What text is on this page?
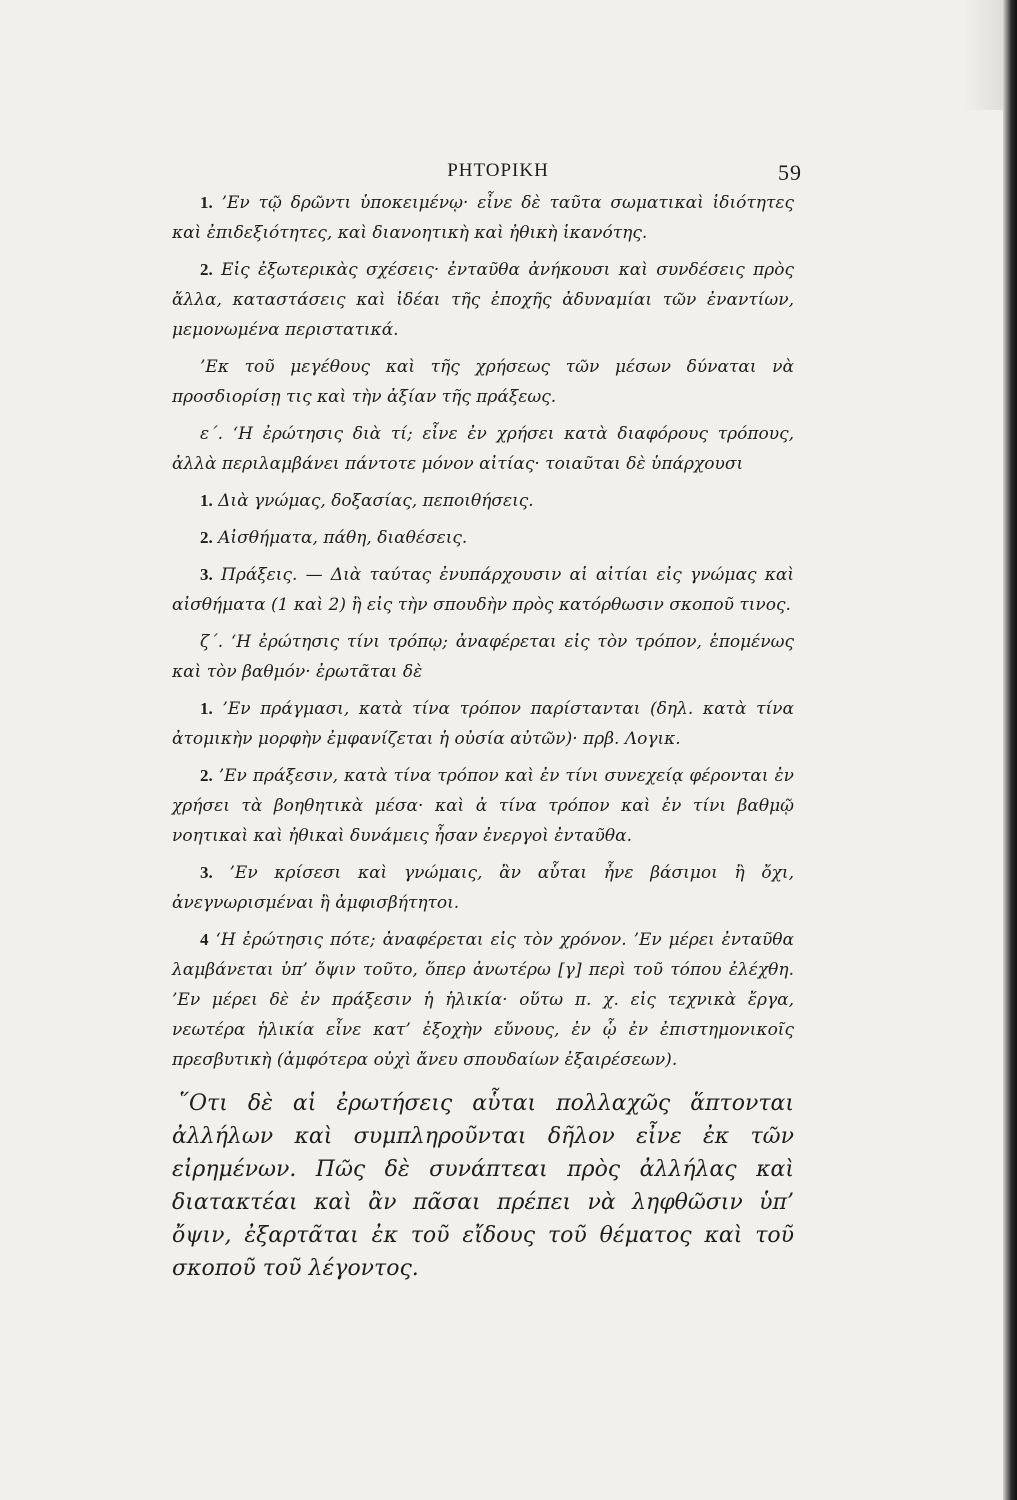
ΡΗΤΟΡΙΚΗ	59

1. ’Εν τῷ δρῶντι ὑποκειμένῳ· εἶνε δὲ ταῦτα σωματικαὶ ἰδιότητες καὶ ἐπιδεξιότητες, καὶ διανοητικὴ καὶ ἠθικὴ ἱκανότης.

2. Εἰς ἐξωτερικὰς σχέσεις· ἐνταῦθα ἀνήκουσι καὶ συνδέσεις πρὸς ἄλλα, καταστάσεις καὶ ἰδέαι τῆς ἐποχῆς ἀδυναμίαι τῶν ἐναντίων, μεμονωμένα περιστατικά.

’Εκ τοῦ μεγέθους καὶ τῆς χρήσεως τῶν μέσων δύναται νὰ προσδιορίσῃ τις καὶ τὴν ἀξίαν τῆς πράξεως.

ε΄. ‘Η ἐρώτησις διὰ τί; εἶνε ἐν χρήσει κατὰ διαφόρους τρόπους, ἀλλὰ περιλαμβάνει πάντοτε μόνον αἰτίας· τοιαῦται δὲ ὑπάρχουσι

1. Διὰ γνώμας, δοξασίας, πεποιθήσεις.

2. Αἰσθήματα, πάθη, διαθέσεις.

3. Πράξεις. — Διὰ ταύτας ἐνυπάρχουσιν αἱ αἰτίαι εἰς γνώμας καὶ αἰσθήματα (1 καὶ 2) ἢ εἰς τὴν σπουδὴν πρὸς κατόρθωσιν σκοποῦ τινος.

ζ΄. ‘Η ἐρώτησις τίνι τρόπῳ; ἀναφέρεται εἰς τὸν τρόπον, ἑπομένως καὶ τὸν βαθμόν· ἐρωτᾶται δὲ

1. ’Εν πράγμασι, κατὰ τίνα τρόπον παρίστανται (δηλ. κατὰ τίνα ἀτομικὴν μορφὴν ἐμφανίζεται ἡ οὐσία αὐτῶν)· πρβ. Λογικ.

2. ’Εν πράξεσιν, κατὰ τίνα τρόπον καὶ ἐν τίνι συνεχείᾳ φέρονται ἐν χρήσει τὰ βοηθητικὰ μέσα· καὶ ἀ τίνα τρόπον καὶ ἐν τίνι βαθμῷ νοητικαὶ καὶ ἠθικαὶ δυνάμεις ἦσαν ἐνεργοὶ ἐνταῦθα.

3. ’Εν κρίσεσι καὶ γνώμαις, ἂν αὗται ἦνε βάσιμοι ἢ ὄχι, ἀνεγνωρισμέναι ἢ ἀμφισβήτητοι.

4 ‘Η ἐρώτησις πότε; ἀναφέρεται εἰς τὸν χρόνον. ’Εν μέρει ἐνταῦθα λαμβάνεται ὑπ’ ὄψιν τοῦτο, ὅπερ ἀνωτέρω [γ] περὶ τοῦ τόπου ἐλέχθη. ’Εν μέρει δὲ ἐν πράξεσιν ἡ ἡλικία· οὕτω π. χ. εἰς τεχνικὰ ἔργα, νεωτέρα ἡλικία εἶνε κατ’ ἐξοχὴν εὔνους, ἐν ᾧ ἐν ἐπιστημονικοῖς πρεσβυτικὴ (ἀμφότερα οὐχὶ ἄνευ σπουδαίων ἐξαιρέσεων).

῞Οτι δὲ αἱ ἐρωτήσεις αὗται πολλαχῶς ἅπτονται ἀλλήλων καὶ συμπληροῦνται δῆλον εἶνε ἐκ τῶν εἰρημένων. Πῶς δὲ συνάπτεαι πρὸς ἀλλήλας καὶ διατακτέαι καὶ ἂν πᾶσαι πρέπει νὰ ληφθῶσιν ὑπ’ ὄψιν, ἐξαρτᾶται ἐκ τοῦ εἴδους τοῦ θέματος καὶ τοῦ σκοποῦ τοῦ λέγοντος.
